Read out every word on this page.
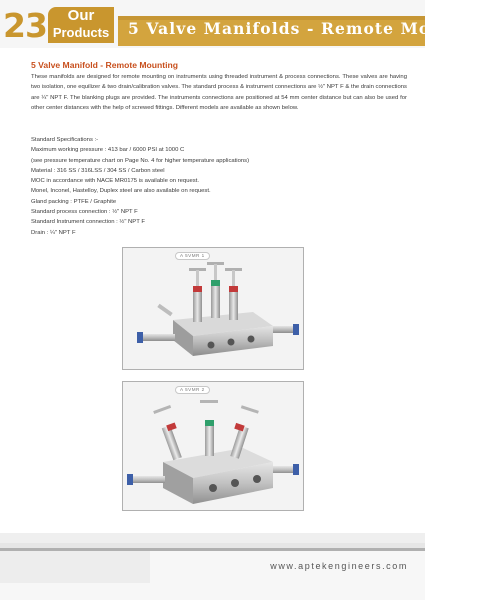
23	Our
Products	5 Valve Manifolds - Remote Mounting
5 Valve Manifold - Remote Mounting
These manifolds are designed for remote mounting on instruments using threaded instrument & process connections. These valves are having two isolation, one equilizer & two drain/calibration valves. The standard process & instrument connections are ½" NPT F & the drain connections are ¼" NPT F. The blanking plugs are provided. The instruments connections are positioned at 54 mm center distance but can also be used for other center distances with the help of screwed fittings. Different models are available as shown below.
Standard Specifications :-
Maximum working pressure : 413 bar / 6000 PSI at 1000 C
(see pressure temperature chart on Page No. 4 for higher temperature applications)
Material : 316 SS / 316LSS / 304 SS / Carbon steel
MOC in accordance with NACE MR0175 is available on request.
Monel, Inconel, Hastelloy, Duplex steel are also available on request.
Gland packing : PTFE / Graphite
Standard process connection : ½" NPT F
Standard Instrument connection : ½" NPT F
Drain : ¼" NPT F
A 5VMR 1
A 5VMR 2
www.aptekengineers.com
